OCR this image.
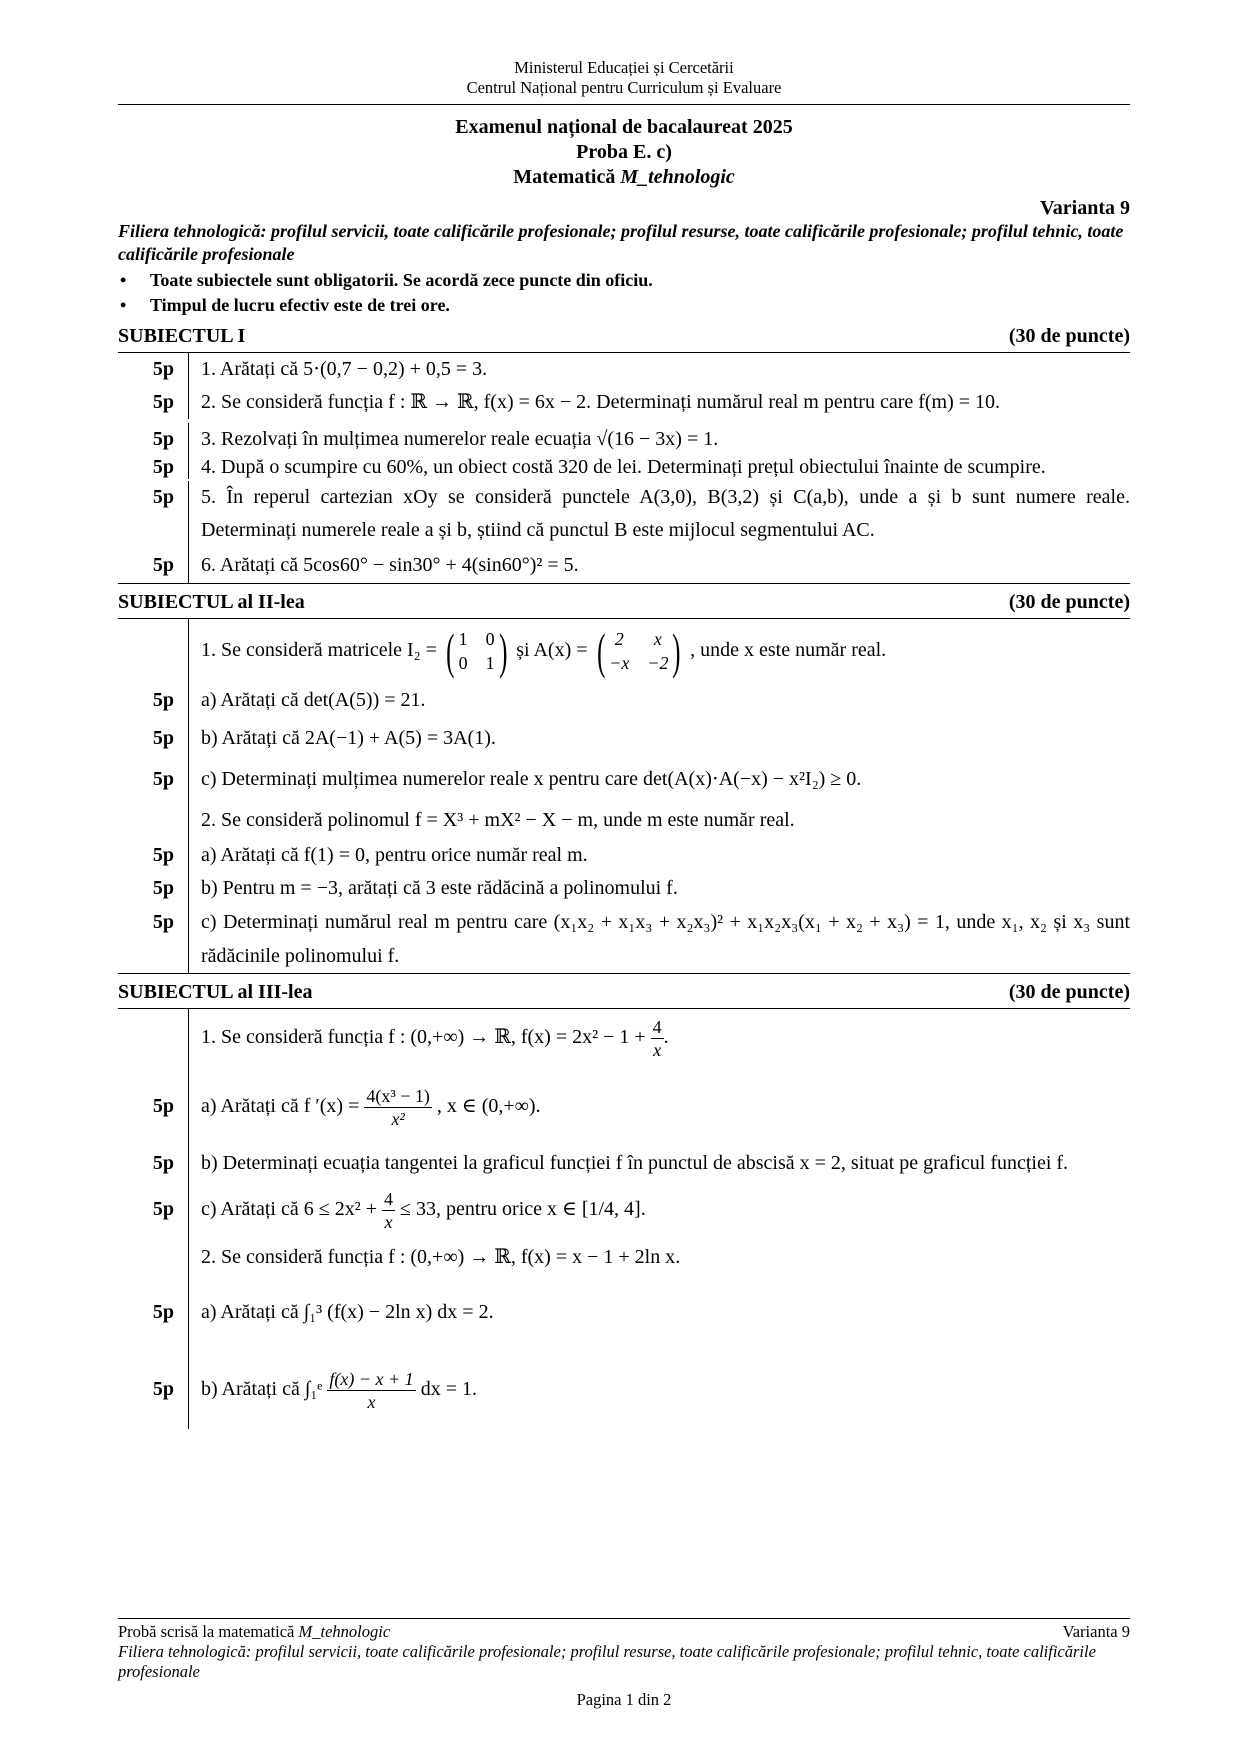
Ministerul Educației și Cercetării
Centrul Național pentru Curriculum și Evaluare
Examenul național de bacalaureat 2025
Proba E. c)
Matematică M_tehnologic
Varianta 9
Filiera tehnologică: profilul servicii, toate calificările profesionale; profilul resurse, toate calificările profesionale; profilul tehnic, toate calificările profesionale
•	Toate subiectele sunt obligatorii. Se acordă zece puncte din oficiu.
•	Timpul de lucru efectiv este de trei ore.
SUBIECTUL I	(30 de puncte)
5p	1. Arătați că 5⋅(0,7 − 0,2) + 0,5 = 3.
5p	2. Se consideră funcția f : ℝ → ℝ, f(x) = 6x − 2. Determinați numărul real m pentru care f(m) = 10.
5p	3. Rezolvați în mulțimea numerelor reale ecuația √(16 − 3x) = 1.
5p	4. După o scumpire cu 60%, un obiect costă 320 de lei. Determinați prețul obiectului înainte de scumpire.
5p	5. În reperul cartezian xOy se consideră punctele A(3,0), B(3,2) și C(a,b), unde a și b sunt numere reale. Determinați numerele reale a și b, știind că punctul B este mijlocul segmentului AC.
5p	6. Arătați că 5cos60° − sin30° + 4(sin60°)² = 5.
SUBIECTUL al II-lea	(30 de puncte)
1. Se consideră matricele I₂ = ( 1 0
0 1 ) și A(x) = ( 2	x
−x −2 ) , unde x este număr real.
5p	a) Arătați că det(A(5)) = 21.
5p	b) Arătați că 2A(−1) + A(5) = 3A(1).
5p	c) Determinați mulțimea numerelor reale x pentru care det(A(x)⋅A(−x) − x²I₂) ≥ 0.
2. Se consideră polinomul f = X³ + mX² − X − m, unde m este număr real.
5p	a) Arătați că f(1) = 0, pentru orice număr real m.
5p	b) Pentru m = −3, arătați că 3 este rădăcină a polinomului f.
5p	c) Determinați numărul real m pentru care (x₁x₂ + x₁x₃ + x₂x₃)² + x₁x₂x₃(x₁ + x₂ + x₃) = 1, unde x₁, x₂ și x₃ sunt rădăcinile polinomului f.
SUBIECTUL al III-lea	(30 de puncte)
1. Se consideră funcția f : (0,+∞) → ℝ, $f(x) = 2x^2 - 1 + \frac{4}{x}$ .
5p	a) Arătați că f $'(x) = \frac{\text{4(x³ − 1)}}{\text{x²}}$ , x ∈ (0,+∞).
5p	b) Determinați ecuația tangentei la graficul funcției f în punctul de abscisă x = 2, situat pe graficul funcției f.
5p	c) Arătați că $6 \le 2x^2 + \frac{4}{x} \le 33$, pentru orice x ∈ [1/4, 4].
2. Se consideră funcția f : (0,+∞) → ℝ, f(x) = x − 1 + 2ln x.
5p	a) Arătați că ∫₁³ (f(x) − 2ln x) dx = 2.
5p	b) Arătați că ∫₁ᵉ $\frac{f(x) - x + 1}{x}$ dx = 1.
Probă scrisă la matematică M_tehnologic	Varianta 9
Filiera tehnologică: profilul servicii, toate calificările profesionale; profilul resurse, toate calificările profesionale; profilul tehnic, toate calificările profesionale
Pagina 1 din 2
